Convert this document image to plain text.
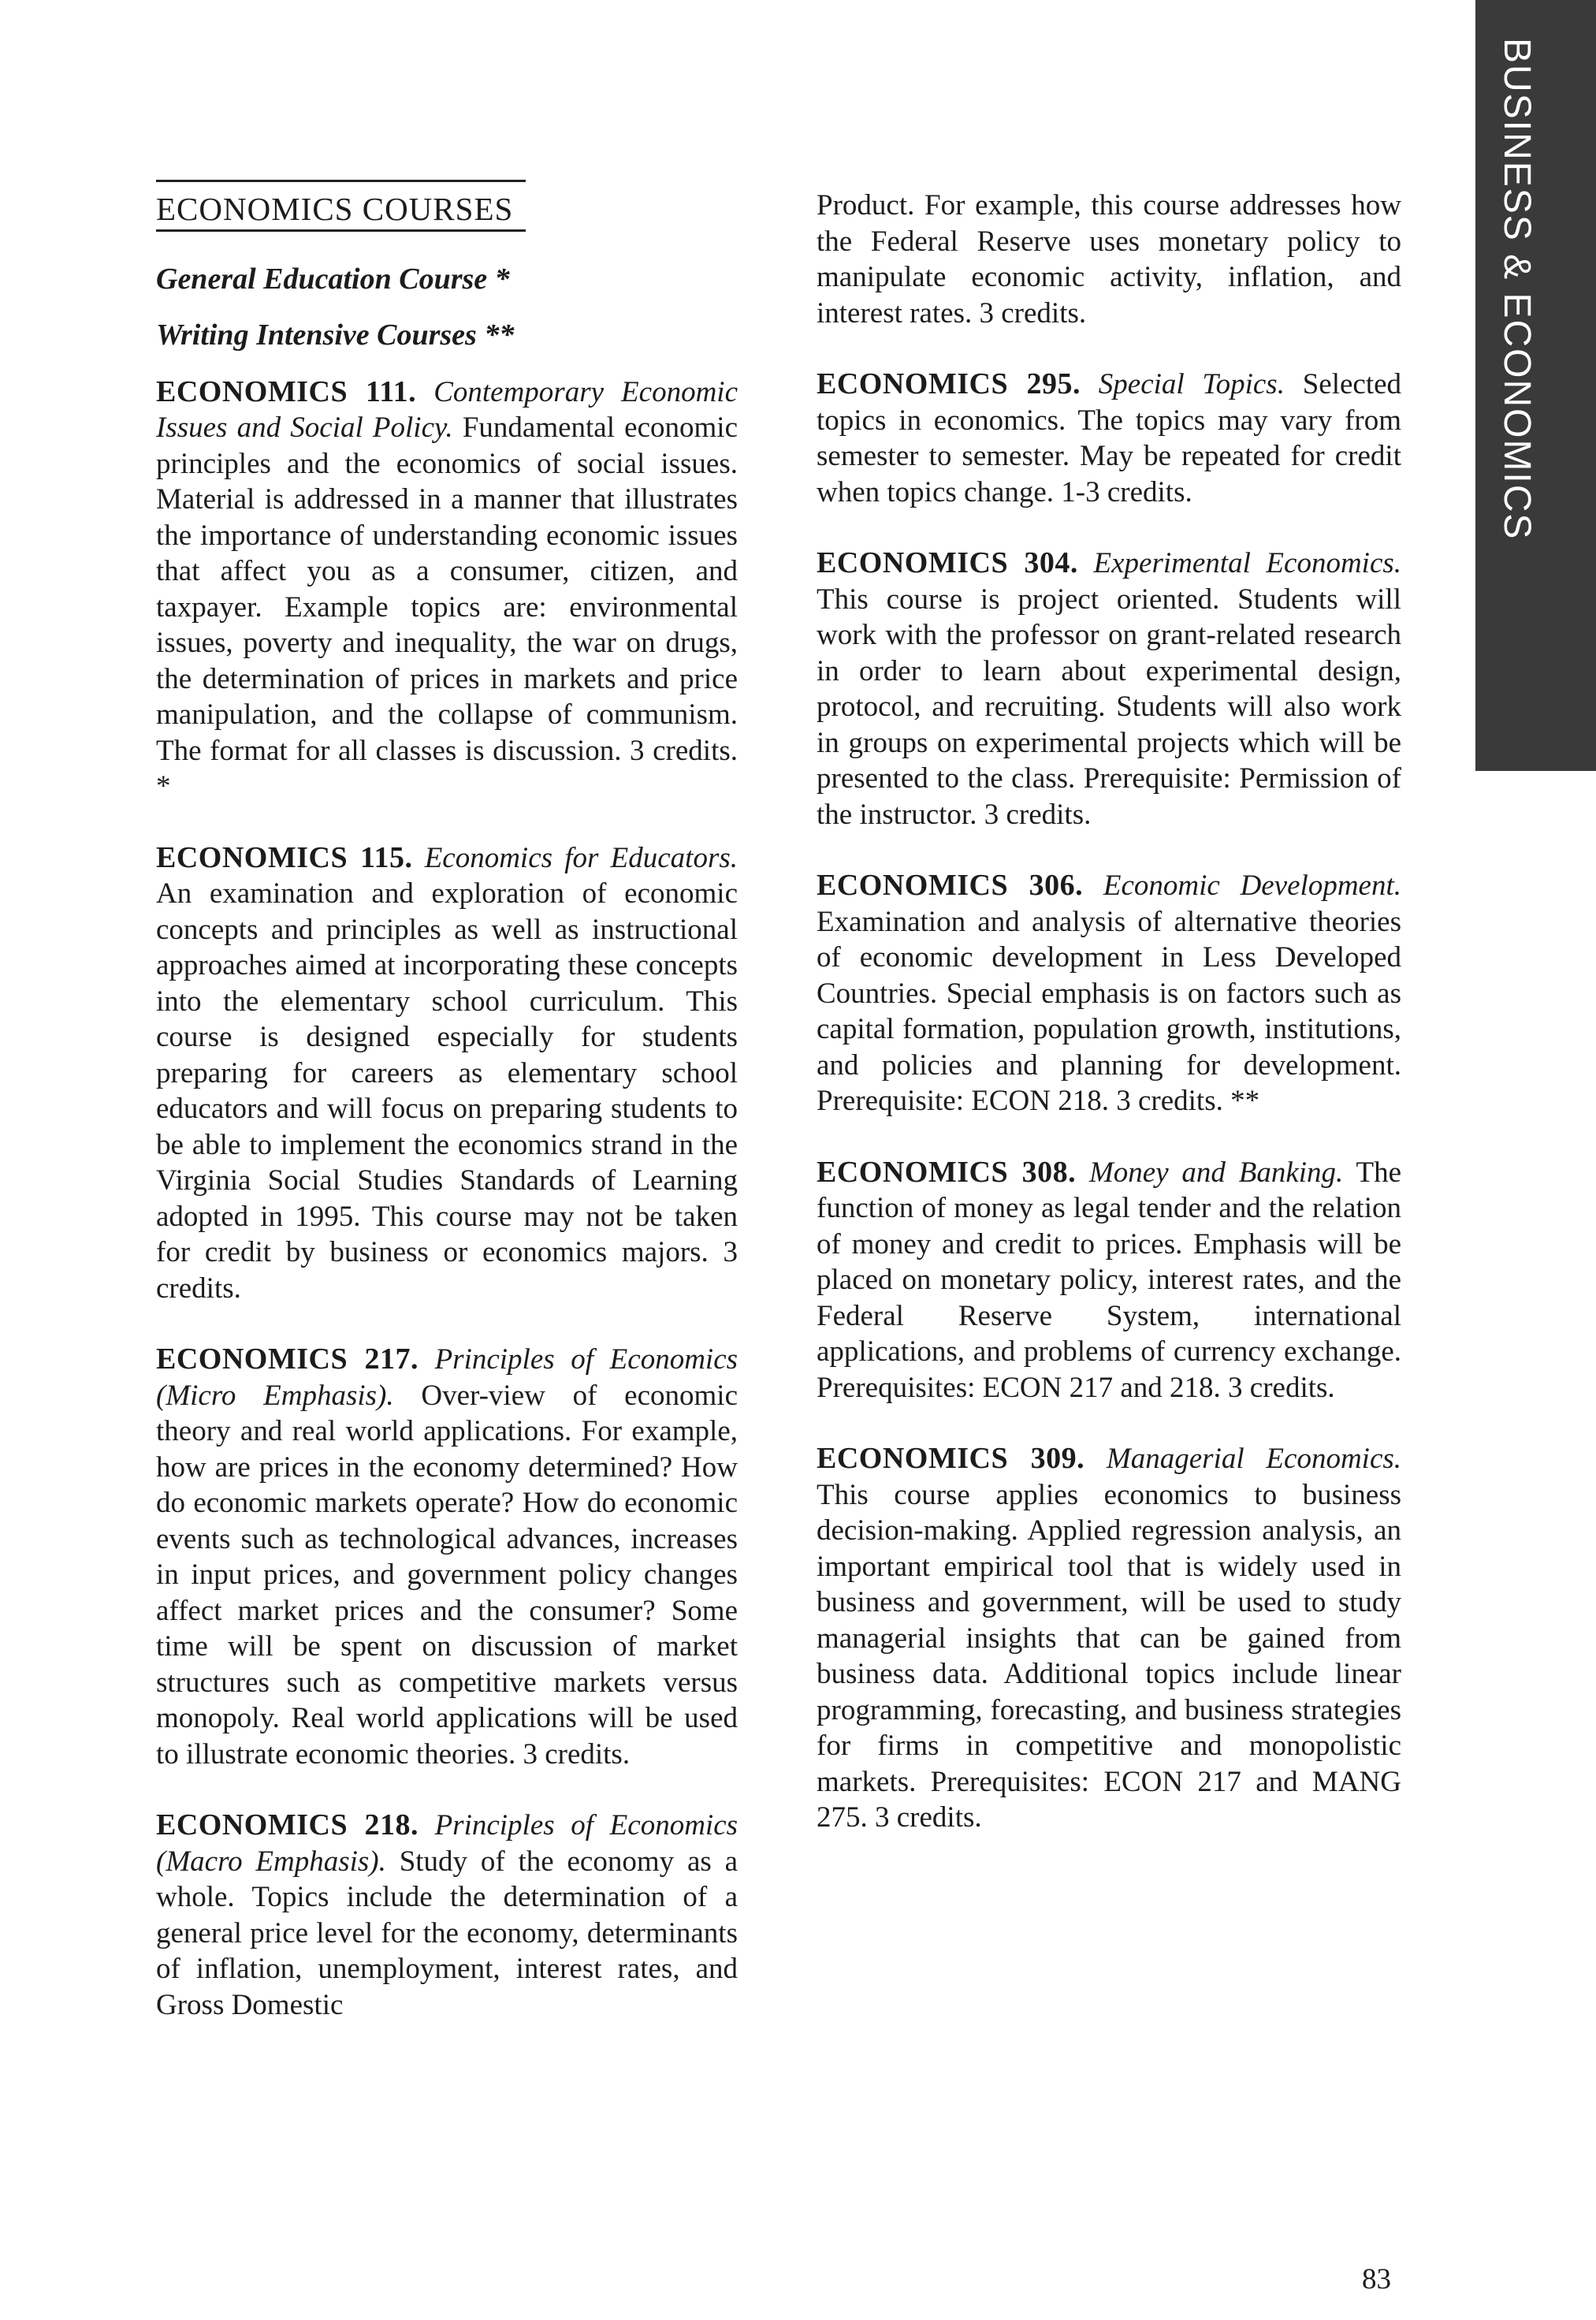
BUSINESS & ECONOMICS
ECONOMICS COURSES
General Education Course *
Writing Intensive Courses **

ECONOMICS 111. Contemporary Economic Issues and Social Policy. Fundamental economic principles and the economics of social issues. Material is addressed in a manner that illustrates the importance of understanding economic issues that affect you as a consumer, citizen, and taxpayer. Example topics are: environmental issues, poverty and inequality, the war on drugs, the determination of prices in markets and price manipulation, and the collapse of communism. The format for all classes is discussion. 3 credits. *

ECONOMICS 115. Economics for Educators. An examination and exploration of economic concepts and principles as well as instructional approaches aimed at incorporating these concepts into the elementary school curriculum. This course is designed especially for students preparing for careers as elementary school educators and will focus on preparing students to be able to implement the economics strand in the Virginia Social Studies Standards of Learning adopted in 1995. This course may not be taken for credit by business or economics majors. 3 credits.

ECONOMICS 217. Principles of Economics (Micro Emphasis). Over-view of economic theory and real world applications. For example, how are prices in the economy determined? How do economic markets operate? How do economic events such as technological advances, increases in input prices, and government policy changes affect market prices and the consumer? Some time will be spent on discussion of market structures such as competitive markets versus monopoly. Real world applications will be used to illustrate economic theories. 3 credits.

ECONOMICS 218. Principles of Economics (Macro Emphasis). Study of the economy as a whole. Topics include the determination of a general price level for the economy, determinants of inflation, unemployment, interest rates, and Gross Domestic

Product. For example, this course addresses how the Federal Reserve uses monetary policy to manipulate economic activity, inflation, and interest rates. 3 credits.

ECONOMICS 295. Special Topics. Selected topics in economics. The topics may vary from semester to semester. May be repeated for credit when topics change. 1-3 credits.

ECONOMICS 304. Experimental Economics. This course is project oriented. Students will work with the professor on grant-related research in order to learn about experimental design, protocol, and recruiting. Students will also work in groups on experimental projects which will be presented to the class. Prerequisite: Permission of the instructor. 3 credits.

ECONOMICS 306. Economic Development. Examination and analysis of alternative theories of economic development in Less Developed Countries. Special emphasis is on factors such as capital formation, population growth, institutions, and policies and planning for development. Prerequisite: ECON 218. 3 credits. **

ECONOMICS 308. Money and Banking. The function of money as legal tender and the relation of money and credit to prices. Emphasis will be placed on monetary policy, interest rates, and the Federal Reserve System, international applications, and problems of currency exchange. Prerequisites: ECON 217 and 218. 3 credits.

ECONOMICS 309. Managerial Economics. This course applies economics to business decision-making. Applied regression analysis, an important empirical tool that is widely used in business and government, will be used to study managerial insights that can be gained from business data. Additional topics include linear programming, forecasting, and business strategies for firms in competitive and monopolistic markets. Prerequisites: ECON 217 and MANG 275. 3 credits.

83
